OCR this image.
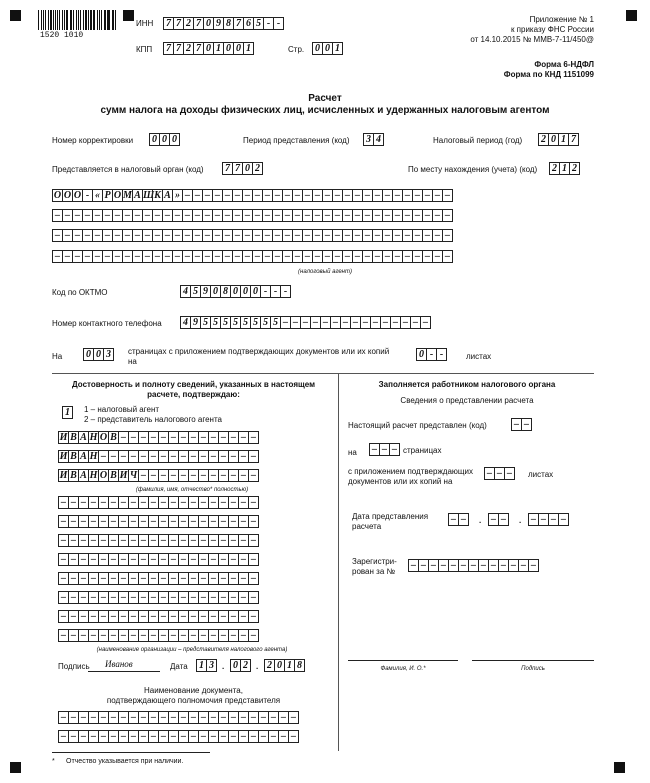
1520 1010
ИНН	7 7 2 7 0 9 8 7 6 5 - -
КПП	7 7 2 7 0 1 0 0 1	Стр.	0 0 1
Приложение № 1
к приказу ФНС России
от 14.10.2015 № ММВ-7-11/450@
Форма 6-НДФЛ
Форма по КНД 1151099
Расчет
сумм налога на доходы физических лиц, исчисленных и удержанных налоговым агентом
Номер корректировки	0 0 0	Период представления (код)	3 4	Налоговый период (год)	2 0 1 7
Представляется в налоговый орган (код)	7 7 0 2	По месту нахождения (учета) (код)	2 1 2
О О О - « Р О М А Ш К А » – – – – – – – – – – – – – – – – – – – – – – – – – – –
– – – – – – – – – – – – – – – – – – – – – – – – – – – – – – – – – – – – – – – –
– – – – – – – – – – – – – – – – – – – – – – – – – – – – – – – – – – – – – – – –
– – – – – – – – – – – – – – – – – – – – – – – – – – – – – – – – – – – – – – – –
(налоговый агент)
Код по ОКТМО	4 5 9 0 8 0 0 0 - - -
Номер контактного телефона	4 9 5 5 5 5 5 5 5 5 – – – – – – – – – – – – – – –
На	0 0 3	страницах с приложением подтверждающих документов или их копий
на
0 - -	листах
Достоверность и полноту сведений, указанных в настоящем
расчете, подтверждаю:
1	1 – налоговый агент
2 – представитель налогового агента
И В А Н О В – – – – – – – – – – – – – –
И В А Н – – – – – – – – – – – – – – – –
И В А Н О В И Ч – – – – – – – – – – – –
(фамилия, имя, отчество* полностью)
– – – – – – – – – – – – – – – – – – – –
– – – – – – – – – – – – – – – – – – – –
– – – – – – – – – – – – – – – – – – – –
– – – – – – – – – – – – – – – – – – – –
– – – – – – – – – – – – – – – – – – – –
– – – – – – – – – – – – – – – – – – – –
– – – – – – – – – – – – – – – – – – – –
– – – – – – – – – – – – – – – – – – – –
(наименование организации – представителя налогового агента)
Подпись Иванов	Дата	1 3	. 0 2	. 2 0 1 8
Наименование документа,
подтверждающего полномочия представителя
– – – – – – – – – – – – – – – – – – – – – – – –
– – – – – – – – – – – – – – – – – – – – – – – –
Заполняется работником налогового органа
Сведения о представлении расчета
Настоящий расчет представлен (код)	– –
на	– – – страницах
с приложением подтверждающих
документов или их копий на
– – –	листах
Дата представления
расчета
– –	. – –	. – – – –
Зарегистри-
рован за №
– – – – – – – – – – – – –
Фамилия, И. О.*	Подпись
* Отчество указывается при наличии.
